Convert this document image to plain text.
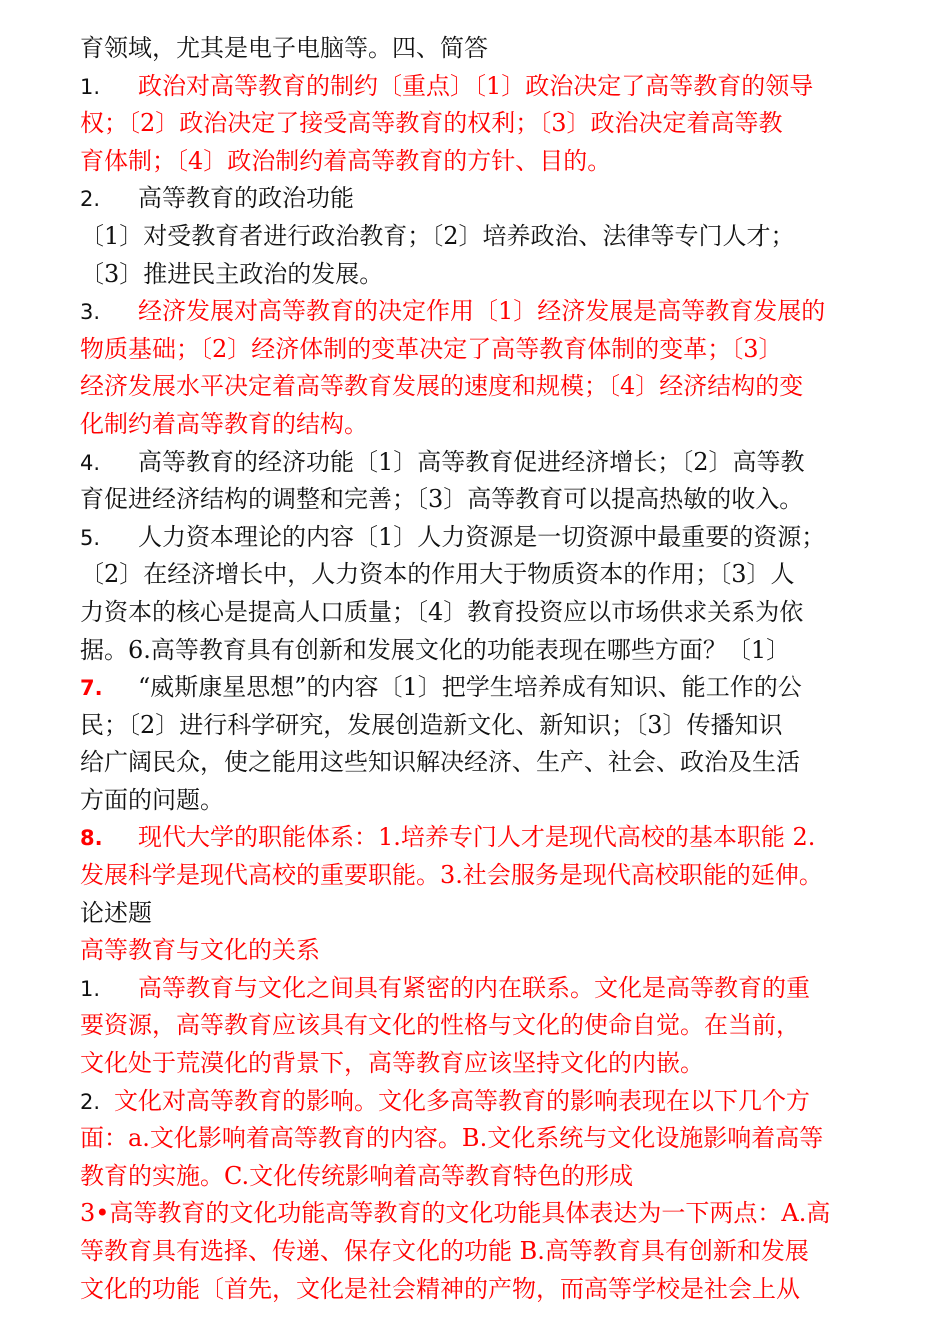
育领域，尤其是电子电脑等。四、简答
1. 政治对高等教育的制约〔重点〕〔1〕政治决定了高等教育的领导
权；〔2〕政治决定了接受高等教育的权利；〔3〕政治决定着高等教
育体制；〔4〕政治制约着高等教育的方针、目的。
2. 高等教育的政治功能
〔1〕对受教育者进行政治教育；〔2〕培养政治、法律等专门人才；
〔3〕推进民主政治的发展。
3. 经济发展对高等教育的决定作用〔1〕经济发展是高等教育发展的
物质基础；〔2〕经济体制的变革决定了高等教育体制的变革；〔3〕
经济发展水平决定着高等教育发展的速度和规模；〔4〕经济结构的变
化制约着高等教育的结构。
4. 高等教育的经济功能〔1〕高等教育促进经济增长；〔2〕高等教
育促进经济结构的调整和完善；〔3〕高等教育可以提高热敏的收入。
5. 人力资本理论的内容〔1〕人力资源是一切资源中最重要的资源；
〔2〕在经济增长中，人力资本的作用大于物质资本的作用；〔3〕人
力资本的核心是提高人口质量；〔4〕教育投资应以市场供求关系为依
据。6.高等教育具有创新和发展文化的功能表现在哪些方面？〔1〕
7. “威斯康星思想”的内容〔1〕把学生培养成有知识、能工作的公
民；〔2〕进行科学研究，发展创造新文化、新知识；〔3〕传播知识
给广阔民众，使之能用这些知识解决经济、生产、社会、政治及生活
方面的问题。
8. 现代大学的职能体系：1.培养专门人才是现代高校的基本职能 2.
发展科学是现代高校的重要职能。3.社会服务是现代高校职能的延伸。
论述题
高等教育与文化的关系
1. 高等教育与文化之间具有紧密的内在联系。文化是高等教育的重
要资源，高等教育应该具有文化的性格与文化的使命自觉。在当前，
文化处于荒漠化的背景下，高等教育应该坚持文化的内嵌。
2. 文化对高等教育的影响。文化多高等教育的影响表现在以下几个方
面：a.文化影响着高等教育的内容。B.文化系统与文化设施影响着高等
教育的实施。C.文化传统影响着高等教育特色的形成
3•高等教育的文化功能高等教育的文化功能具体表达为一下两点：A.高
等教育具有选择、传递、保存文化的功能 B.高等教育具有创新和发展
文化的功能〔首先，文化是社会精神的产物，而高等学校是社会上从
